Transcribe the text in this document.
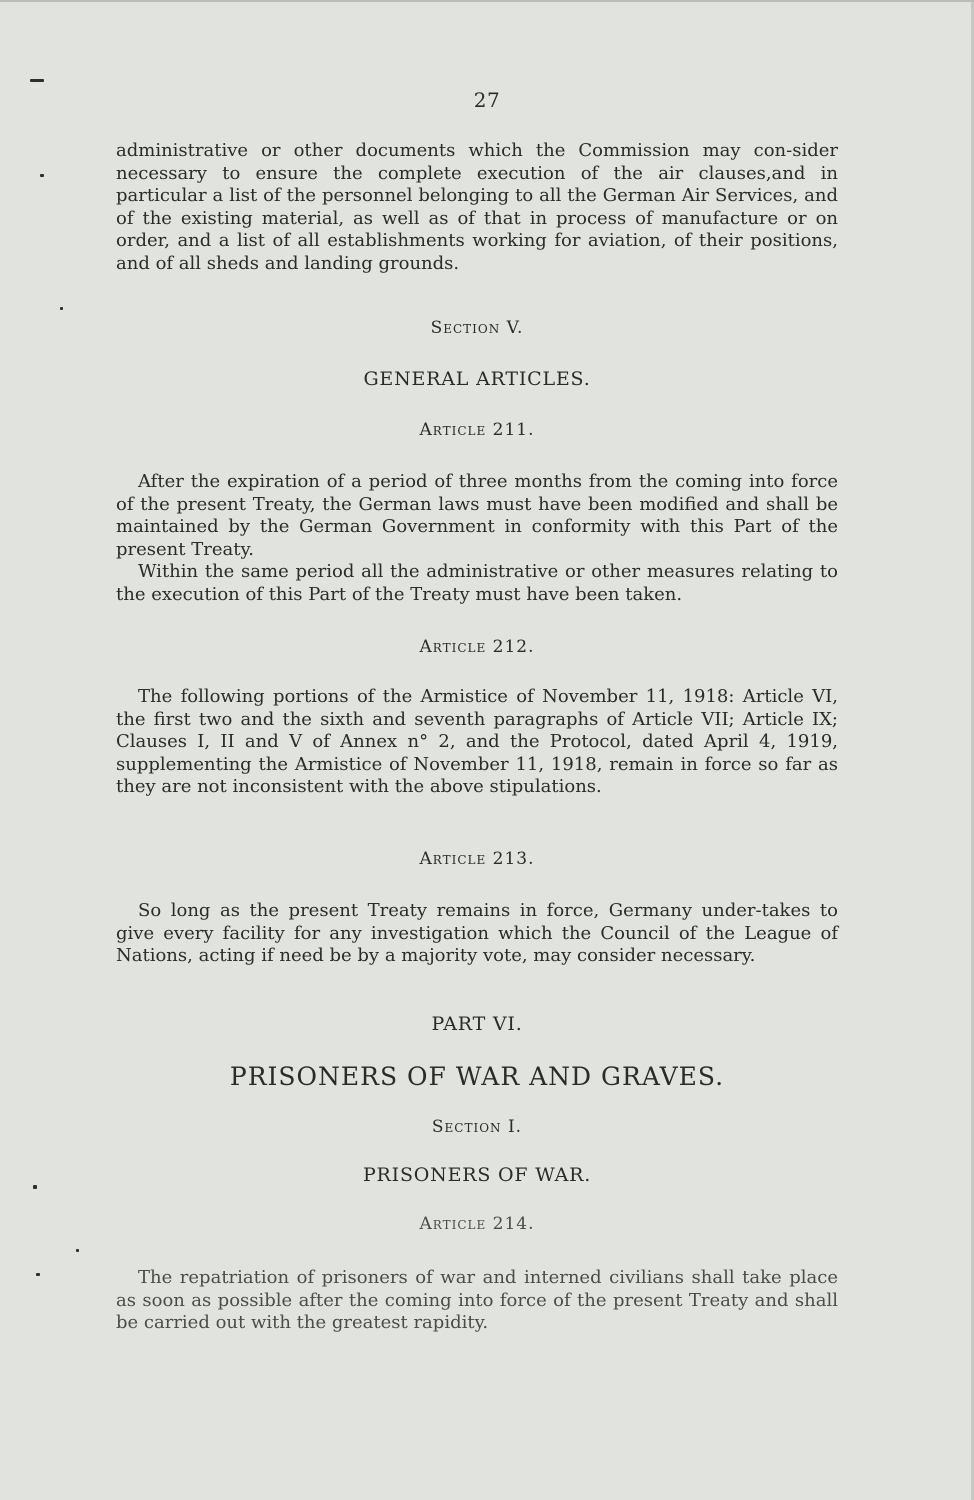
27

administrative or other documents which the Commission may con-sider necessary to ensure the complete execution of the air clauses,and in particular a list of the personnel belonging to all the German Air Services, and of the existing material, as well as of that in process of manufacture or on order, and a list of all establishments working for aviation, of their positions, and of all sheds and landing grounds.

Section V.
GENERAL ARTICLES.
Article 211.

After the expiration of a period of three months from the coming into force of the present Treaty, the German laws must have been modified and shall be maintained by the German Government in conformity with this Part of the present Treaty.

Within the same period all the administrative or other measures relating to the execution of this Part of the Treaty must have been taken.

Article 212.

The following portions of the Armistice of November 11, 1918: Article VI, the first two and the sixth and seventh paragraphs of Article VII; Article IX; Clauses I, II and V of Annex n° 2, and the Protocol, dated April 4, 1919, supplementing the Armistice of November 11, 1918, remain in force so far as they are not inconsistent with the above stipulations.

Article 213.

So long as the present Treaty remains in force, Germany under-takes to give every facility for any investigation which the Council of the League of Nations, acting if need be by a majority vote, may consider necessary.

PART VI.
PRISONERS OF WAR AND GRAVES.
Section I.
PRISONERS OF WAR.
Article 214.

The repatriation of prisoners of war and interned civilians shall take place as soon as possible after the coming into force of the present Treaty and shall be carried out with the greatest rapidity.
